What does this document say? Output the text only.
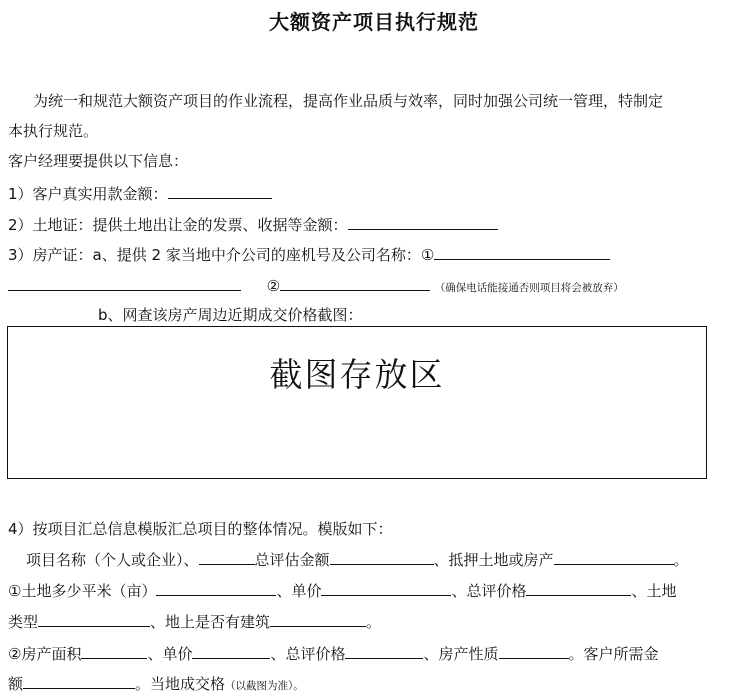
大额资产项目执行规范
为统一和规范大额资产项目的作业流程，提高作业品质与效率，同时加强公司统一管理，特制定
本执行规范。
客户经理要提供以下信息：
1）客户真实用款金额：
2）土地证：提供土地出让金的发票、收据等金额：
3）房产证：a、提供 2 家当地中介公司的座机号及公司名称：①
②	（确保电话能接通否则项目将会被放弃）
b、网查该房产周边近期成交价格截图：
截图存放区
4）按项目汇总信息模版汇总项目的整体情况。模版如下：
项目名称（个人或企业）、	总评估金额	、抵押土地或房产	。
①土地多少平米（亩）	、单价	、总评价格	、土地
类型	、地上是否有建筑	。
②房产面积	、单价	、总评价格	、房产性质	。客户所需金
额	。当地成交格（以截图为准）。
